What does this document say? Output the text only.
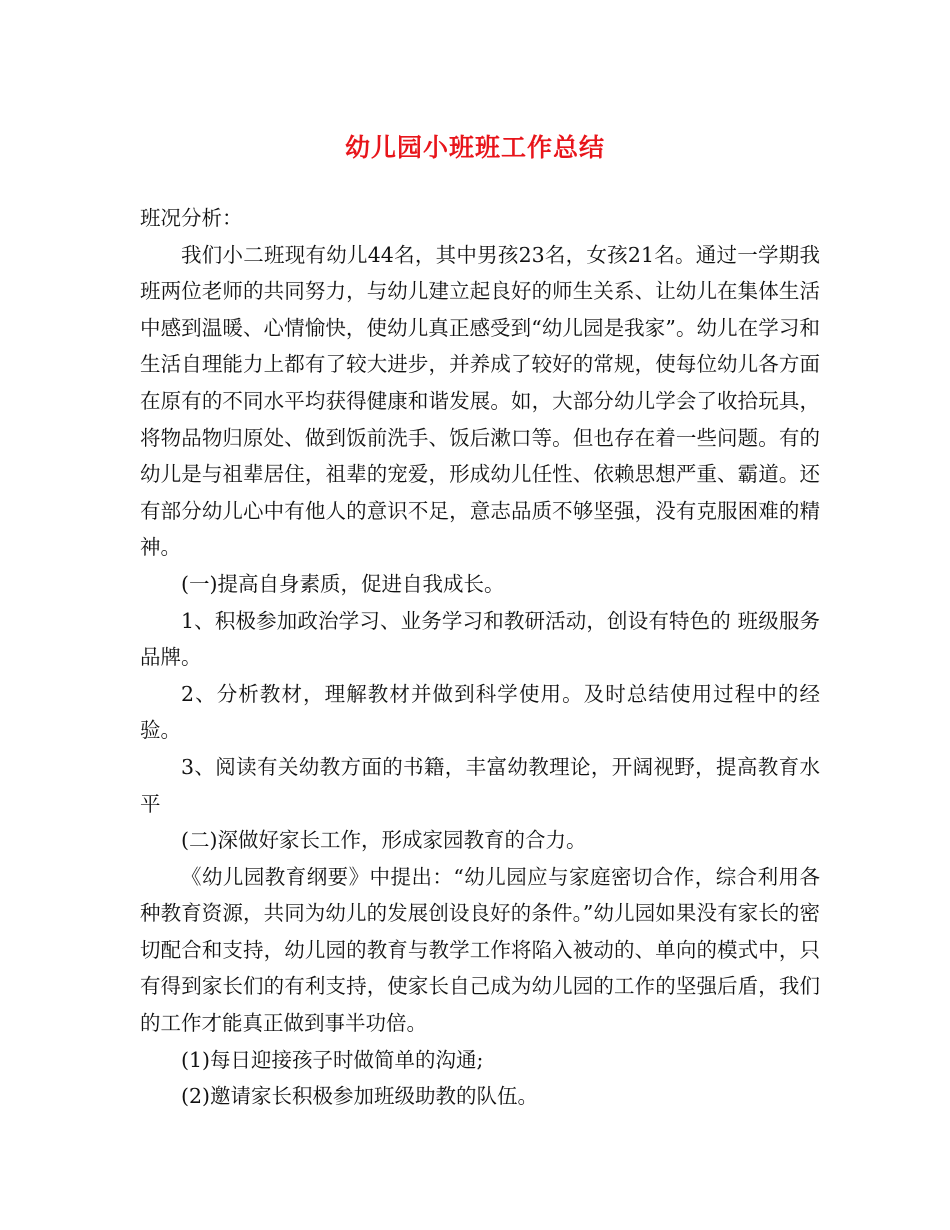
幼儿园小班班工作总结

班况分析：

我们小二班现有幼儿44名，其中男孩23名，女孩21名。通过一学期我班两位老师的共同努力，与幼儿建立起良好的师生关系、让幼儿在集体生活中感到温暖、心情愉快，使幼儿真正感受到“幼儿园是我家”。幼儿在学习和生活自理能力上都有了较大进步，并养成了较好的常规，使每位幼儿各方面在原有的不同水平均获得健康和谐发展。如，大部分幼儿学会了收拾玩具，将物品物归原处、做到饭前洗手、饭后漱口等。但也存在着一些问题。有的幼儿是与祖辈居住，祖辈的宠爱，形成幼儿任性、依赖思想严重、霸道。还有部分幼儿心中有他人的意识不足，意志品质不够坚强，没有克服困难的精神。

(一)提高自身素质，促进自我成长。

1、积极参加政治学习、业务学习和教研活动，创设有特色的 班级服务品牌。

2、分析教材，理解教材并做到科学使用。及时总结使用过程中的经验。

3、阅读有关幼教方面的书籍，丰富幼教理论，开阔视野，提高教育水平

(二)深做好家长工作，形成家园教育的合力。

《幼儿园教育纲要》中提出：“幼儿园应与家庭密切合作，综合利用各种教育资源，共同为幼儿的发展创设良好的条件。”幼儿园如果没有家长的密切配合和支持，幼儿园的教育与教学工作将陷入被动的、单向的模式中，只有得到家长们的有利支持，使家长自己成为幼儿园的工作的坚强后盾，我们的工作才能真正做到事半功倍。

(1)每日迎接孩子时做简单的沟通;

(2)邀请家长积极参加班级助教的队伍。
